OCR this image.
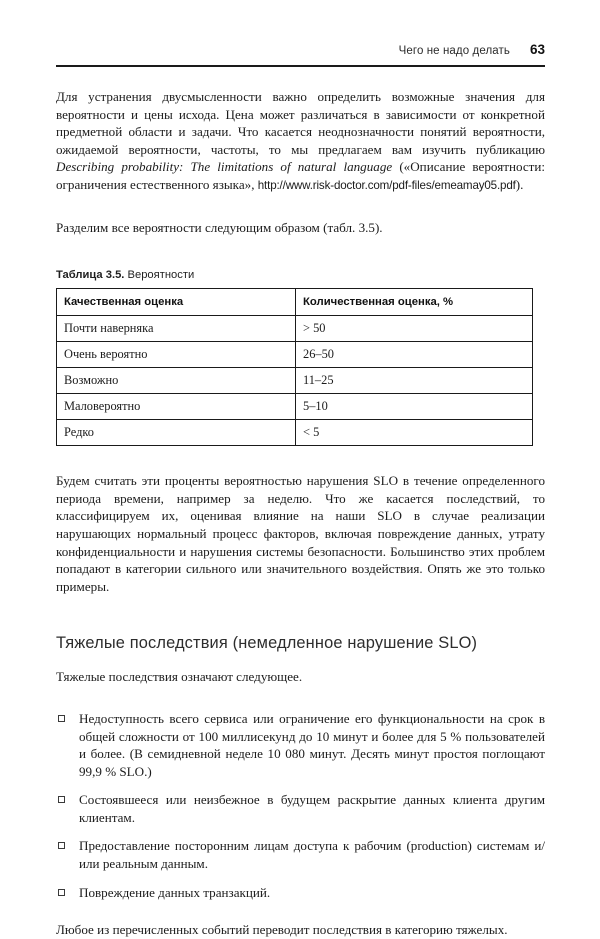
Чего не надо делать 63

Для устранения двусмысленности важно определить возможные значения для вероятности и цены исхода. Цена может различаться в зависимости от конкретной предметной области и задачи. Что касается неоднозначности понятий вероятности, ожидаемой вероятности, частоты, то мы предлагаем вам изучить публикацию Describing probability: The limitations of natural language («Описание вероятности: ограничения естественного языка», http://www.risk-doctor.com/pdf-files/emeamay05.pdf).

Разделим все вероятности следующим образом (табл. 3.5).

Таблица 3.5. Вероятности

Качественная оценка	Количественная оценка, %
Почти наверняка	> 50
Очень вероятно	26–50
Возможно	11–25
Маловероятно	5–10
Редко	< 5

Будем считать эти проценты вероятностью нарушения SLO в течение определенного периода времени, например за неделю. Что же касается последствий, то классифицируем их, оценивая влияние на наши SLO в случае реализации нарушающих нормальный процесс факторов, включая повреждение данных, утрату конфиденциальности и нарушения системы безопасности. Большинство этих проблем попадают в категории сильного или значительного воздействия. Опять же это только примеры.

Тяжелые последствия (немедленное нарушение SLO)

Тяжелые последствия означают следующее.

Недоступность всего сервиса или ограничение его функциональности на срок в общей сложности от 100 миллисекунд до 10 минут и более для 5 % пользователей и более. (В семидневной неделе 10 080 минут. Десять минут простоя поглощают 99,9 % SLO.)
Состоявшееся или неизбежное в будущем раскрытие данных клиента другим клиентам.
Предоставление посторонним лицам доступа к рабочим (production) системам и/или реальным данным.
Повреждение данных транзакций.

Любое из перечисленных событий переводит последствия в категорию тяжелых.
